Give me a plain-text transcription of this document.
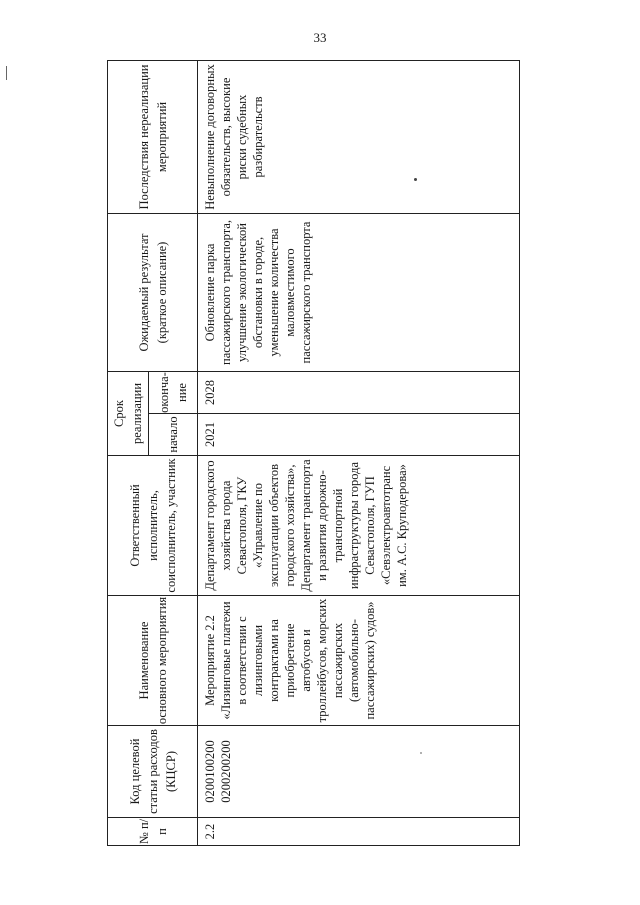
33
№ п/п	Код целевой статьи расходов (КЦСР)	Наименование основного мероприятия	Ответственный исполнитель, соисполнитель, участник	Срок реализации		Ожидаемый результат (краткое описание)	Последствия нереализации мероприятий
				начало	оконча-ние		

2.2	0200100200 0200200200	Мероприятие 2.2 «Лизинговые платежи в соответствии с лизинговыми контрактами на приобретение автобусов и троллейбусов, морских пассажирских (автомобильно-пассажирских) судов»	Департамент городского хозяйства города Севастополя, ГКУ «Управление по эксплуатации объектов городского хозяйства», Департамент транспорта и развития дорожно-транспортной инфраструктуры города Севастополя, ГУП «Севэлектроавтотранс им. А.С. Круподерова»	2021	2028	Обновление парка пассажирского транспорта, улучшение экологической обстановки в городе, уменьшение количества маловместимого пассажирского транспорта	Невыполнение договорных обязательств, высокие риски судебных разбирательств
